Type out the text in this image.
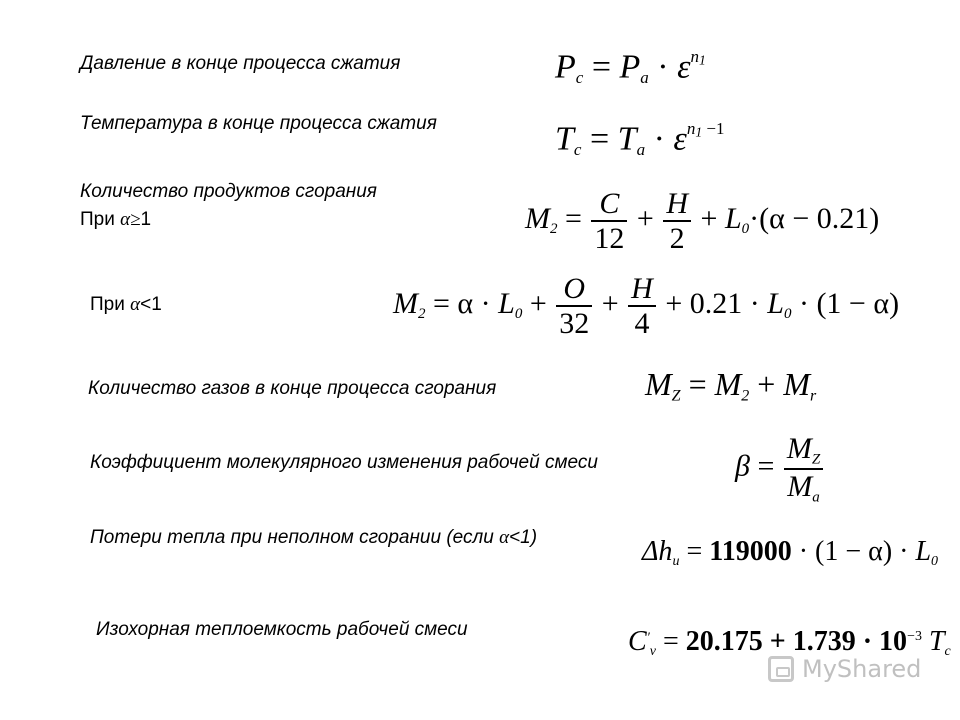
Давление в конце процесса сжатия
Температура в конце процесса сжатия
Количество продуктов сгорания
При α≥1
При α<1
Количество газов в конце процесса сгорания
Коэффициент молекулярного изменения рабочей смеси
Потери тепла при неполном сгорании (если α<1)
Изохорная теплоемкость рабочей смеси
$P_c = P_a \cdot \varepsilon^{n_1}$
$T_c = T_a \cdot \varepsilon^{n_1 -1}$
$M_2 = \frac{C}{12} + \frac{H}{2} + L_0\cdot(\alpha - 0.21)$
$M_2 = \alpha \cdot L_0 + \frac{O}{32} + \frac{H}{4} + 0.21 \cdot L_0 \cdot (1 - \alpha)$
$M_Z = M_2 + M_r$
$\beta = \frac{M_Z}{M_a}$
$\Delta h_u = 119000 \cdot (1 - \alpha) \cdot L_0$
$C'_v = 20.175 + 1.739 \cdot 10^{-3}$ $T_c$
MyShared
